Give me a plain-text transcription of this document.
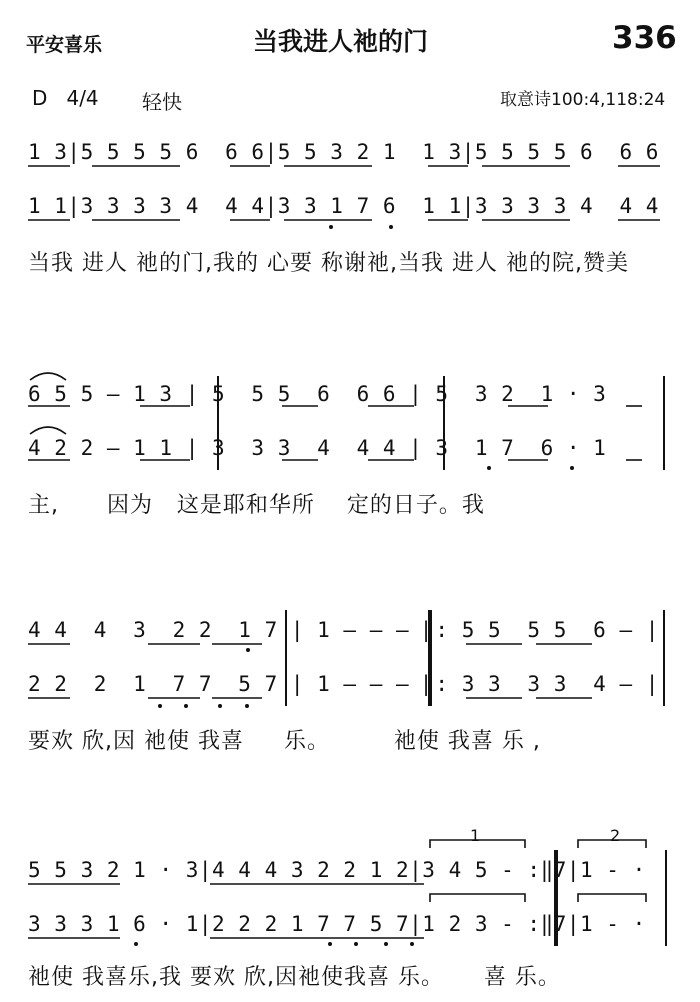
平安喜乐	当我进人祂的门	336
D   4/4 轻快	取意诗100:4,118:24
1 3|5 5 5 5 6  6 6|5 5 3 2 1  1 3|5 5 5 5 6  6 6
1 1|3 3 3 3 4  4 4|3 3 1 7 6  1 1|3 3 3 3 4  4 4
当我 进人 祂的门,我的 心要 称谢祂,当我 进人 祂的院,赞美
6 5 5 — 1 3 | 5  5 5  6  6 6 | 5  3 2  1 · 3
4 2 2 — 1 1 | 3  3 3  4  4 4 | 3  1 7  6 · 1
主,      因为   这是耶和华所    定的日子。我
4 4  4  3  2 2  1 7 | 1 — — — ‖: 5 5  5 5  6 — |
2 2  2  1  7 7  5 7 | 1 — — — ‖: 3 3  3 3  4 — |
要欢 欣,因 祂使 我喜     乐。        祂使 我喜 乐 ,
5 5 3 2 1 · 3|4 4 4 3 2 2 1 2|3 4 5 - :‖7|1 - ·
3 3 3 1 6 · 1|2 2 2 1 7 7 5 7|1 2 3 - :‖7|1 - ·
祂使 我喜乐,我 要欢 欣,因祂使我喜 乐。     喜 乐。
1	2
